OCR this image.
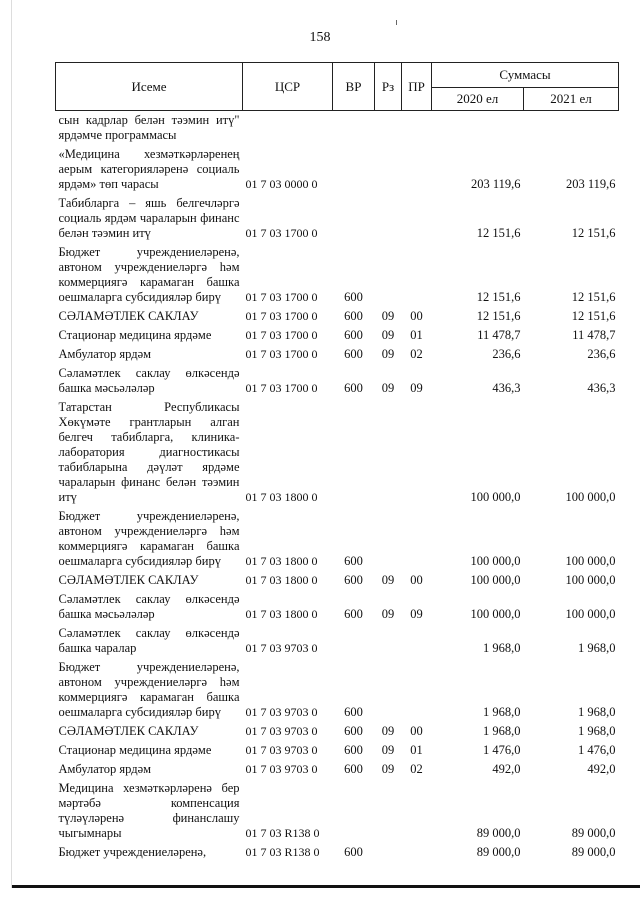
158
Исеме	ЦСР	ВР	Рз	ПР	Суммасы	
					2020 ел	2021 ел
сын кадрлар белән тәэмин итү" ярдәмче программасы						
«Медицина хезмәткәрләренең аерым категорияләренә социаль ярдәм» төп чарасы	01 7 03 0000 0				203 119,6	203 119,6
Табибларга – яшь белгечләргә социаль ярдәм чараларын финанс белән тәэмин итү	01 7 03 1700 0				12 151,6	12 151,6
Бюджет учреждениеләренә, автоном учреждениеләргә һәм коммерциягә карамаган башка оешмаларга субсидияләр бирү	01 7 03 1700 0	600			12 151,6	12 151,6
СӘЛАМӘТЛЕК САКЛАУ	01 7 03 1700 0	600	09	00	12 151,6	12 151,6
Стационар медицина ярдәме	01 7 03 1700 0	600	09	01	11 478,7	11 478,7
Амбулатор ярдәм	01 7 03 1700 0	600	09	02	236,6	236,6
Сәламәтлек саклау өлкәсендә башка мәсьәләләр	01 7 03 1700 0	600	09	09	436,3	436,3
Татарстан Республикасы Хөкүмәте грантларын алган белгеч табибларга, клиника-лаборатория диагностикасы табибларына дәүләт ярдәме чараларын финанс белән тәэмин итү	01 7 03 1800 0				100 000,0	100 000,0
Бюджет учреждениеләренә, автоном учреждениеләргә һәм коммерциягә карамаган башка оешмаларга субсидияләр бирү	01 7 03 1800 0	600			100 000,0	100 000,0
СӘЛАМӘТЛЕК САКЛАУ	01 7 03 1800 0	600	09	00	100 000,0	100 000,0
Сәламәтлек саклау өлкәсендә башка мәсьәләләр	01 7 03 1800 0	600	09	09	100 000,0	100 000,0
Сәламәтлек саклау өлкәсендә башка чаралар	01 7 03 9703 0				1 968,0	1 968,0
Бюджет учреждениеләренә, автоном учреждениеләргә һәм коммерциягә карамаган башка оешмаларга субсидияләр бирү	01 7 03 9703 0	600			1 968,0	1 968,0
СӘЛАМӘТЛЕК САКЛАУ	01 7 03 9703 0	600	09	00	1 968,0	1 968,0
Стационар медицина ярдәме	01 7 03 9703 0	600	09	01	1 476,0	1 476,0
Амбулатор ярдәм	01 7 03 9703 0	600	09	02	492,0	492,0
Медицина хезмәткәрләренә бер мәртәбә компенсация түләүләренә финанслашу чыгымнары	01 7 03 R138 0				89 000,0	89 000,0
Бюджет учреждениеләренә,	01 7 03 R138 0	600			89 000,0	89 000,0
